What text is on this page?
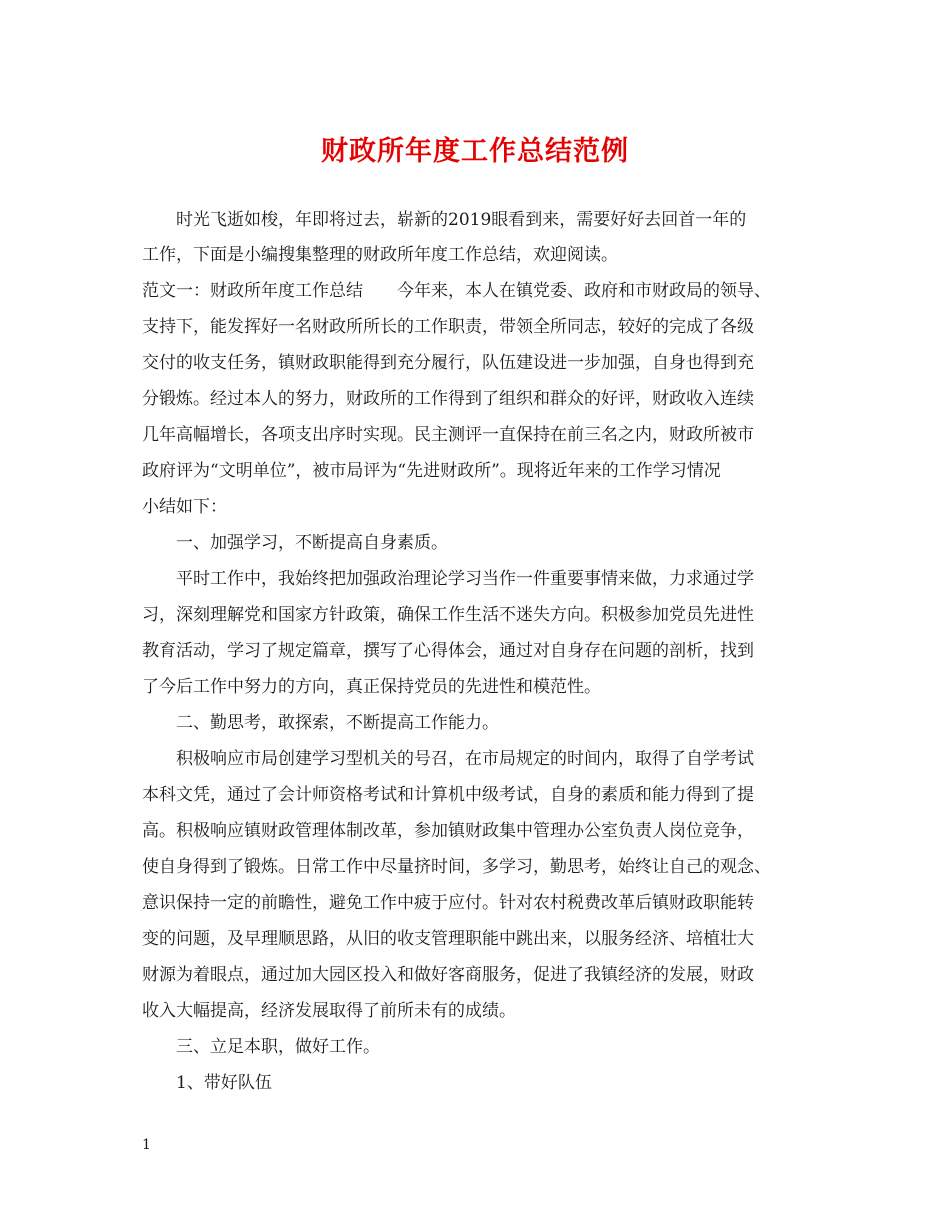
财政所年度工作总结范例
时光飞逝如梭，年即将过去，崭新的2019眼看到来，需要好好去回首一年的
工作，下面是小编搜集整理的财政所年度工作总结，欢迎阅读。
范文一：财政所年度工作总结　　今年来，本人在镇党委、政府和市财政局的领导、
支持下，能发挥好一名财政所所长的工作职责，带领全所同志，较好的完成了各级
交付的收支任务，镇财政职能得到充分履行，队伍建设进一步加强，自身也得到充
分锻炼。经过本人的努力，财政所的工作得到了组织和群众的好评，财政收入连续
几年高幅增长，各项支出序时实现。民主测评一直保持在前三名之内，财政所被市
政府评为“文明单位”，被市局评为“先进财政所”。现将近年来的工作学习情况
小结如下：
一、加强学习，不断提高自身素质。
平时工作中，我始终把加强政治理论学习当作一件重要事情来做，力求通过学
习，深刻理解党和国家方针政策，确保工作生活不迷失方向。积极参加党员先进性
教育活动，学习了规定篇章，撰写了心得体会，通过对自身存在问题的剖析，找到
了今后工作中努力的方向，真正保持党员的先进性和模范性。
二、勤思考，敢探索，不断提高工作能力。
积极响应市局创建学习型机关的号召，在市局规定的时间内，取得了自学考试
本科文凭，通过了会计师资格考试和计算机中级考试，自身的素质和能力得到了提
高。积极响应镇财政管理体制改革，参加镇财政集中管理办公室负责人岗位竞争，
使自身得到了锻炼。日常工作中尽量挤时间，多学习，勤思考，始终让自己的观念、
意识保持一定的前瞻性，避免工作中疲于应付。针对农村税费改革后镇财政职能转
变的问题，及早理顺思路，从旧的收支管理职能中跳出来，以服务经济、培植壮大
财源为着眼点，通过加大园区投入和做好客商服务，促进了我镇经济的发展，财政
收入大幅提高，经济发展取得了前所未有的成绩。
三、立足本职，做好工作。
1、带好队伍
1
